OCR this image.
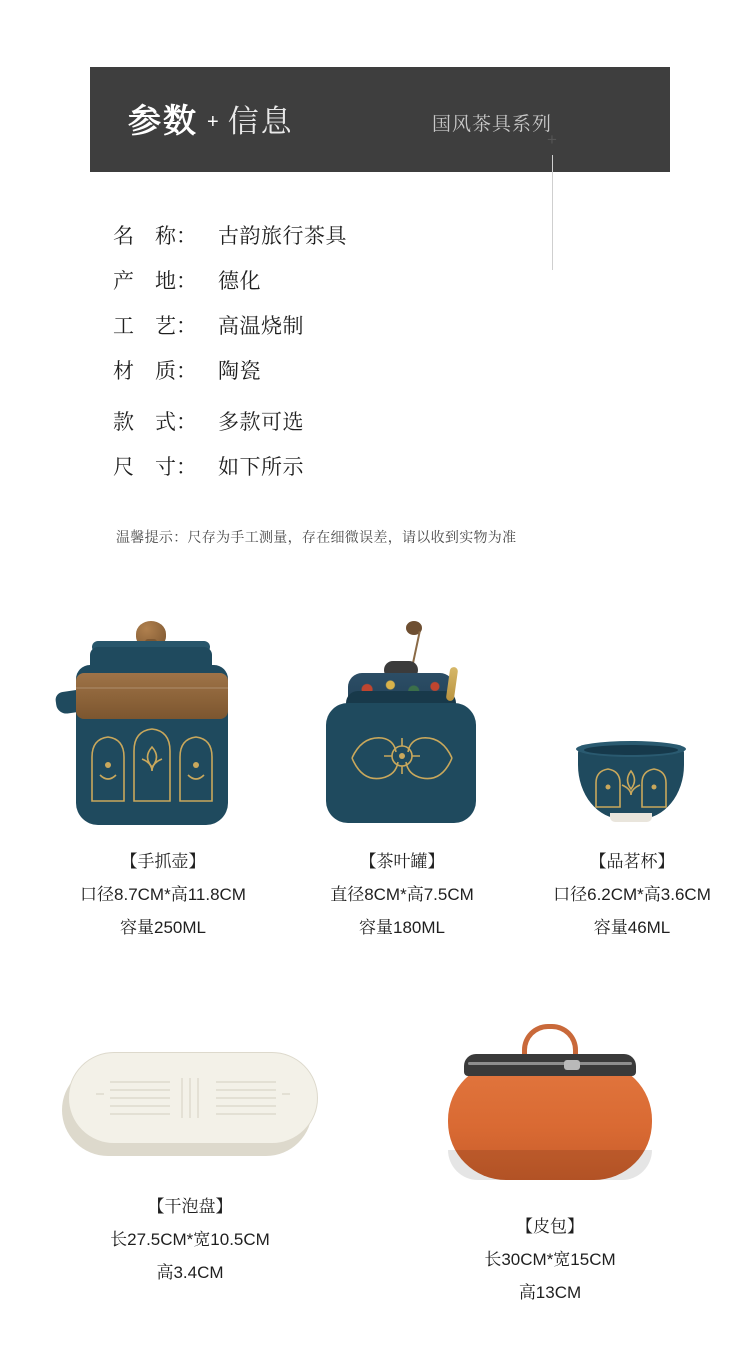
参数 + 信息	国风茶具系列
+
名　称：	古韵旅行茶具
产　地：	德化
工　艺：	高温烧制
材　质：	陶瓷
款　式：	多款可选
尺　寸：	如下所示
温馨提示：尺存为手工测量，存在细微误差，请以收到实物为准
【手抓壶】
口径8.7CM*高11.8CM
容量250ML
【茶叶罐】
直径8CM*高7.5CM
容量180ML
【品茗杯】
口径6.2CM*高3.6CM
容量46ML
【干泡盘】
长27.5CM*宽10.5CM
高3.4CM
【皮包】
长30CM*宽15CM
高13CM
